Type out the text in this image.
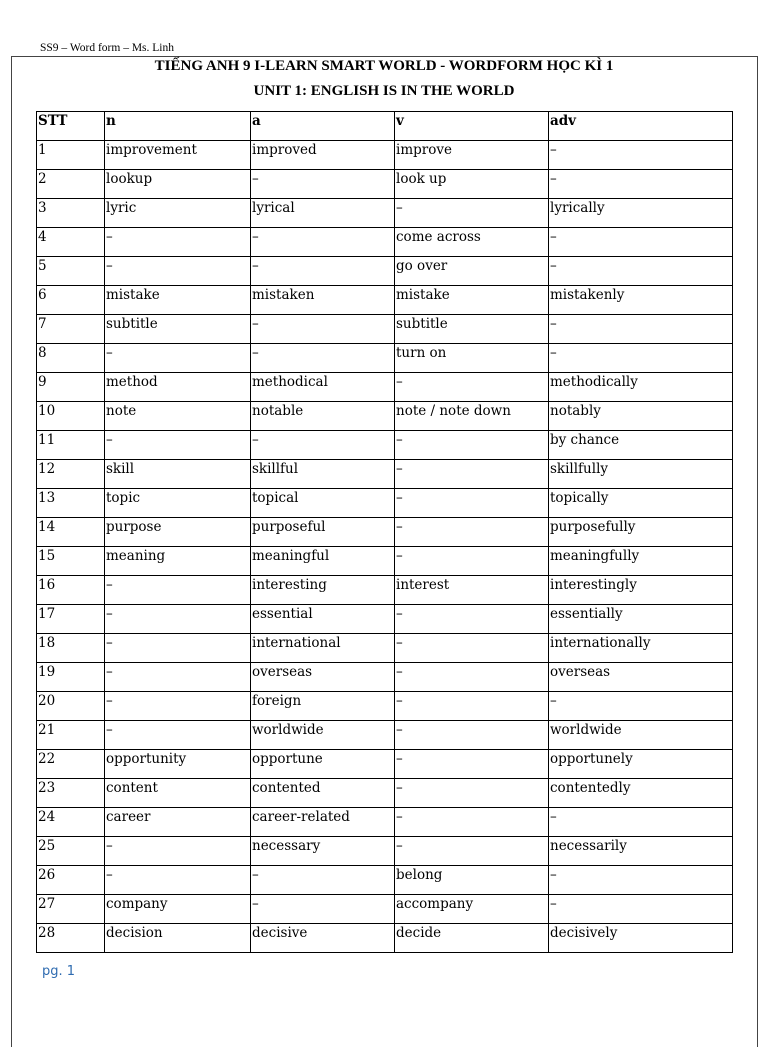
SS9 – Word form – Ms. Linh
TIẾNG ANH 9 I-LEARN SMART WORLD - WORDFORM HỌC KÌ 1
UNIT 1: ENGLISH IS IN THE WORLD
STT	n	a	v	adv
1	improvement	improved	improve	–
2	lookup	–	look up	–
3	lyric	lyrical	–	lyrically
4	–	–	come across	–
5	–	–	go over	–
6	mistake	mistaken	mistake	mistakenly
7	subtitle	–	subtitle	–
8	–	–	turn on	–
9	method	methodical	–	methodically
10	note	notable	note / note down	notably
11	–	–	–	by chance
12	skill	skillful	–	skillfully
13	topic	topical	–	topically
14	purpose	purposeful	–	purposefully
15	meaning	meaningful	–	meaningfully
16	–	interesting	interest	interestingly
17	–	essential	–	essentially
18	–	international	–	internationally
19	–	overseas	–	overseas
20	–	foreign	–	–
21	–	worldwide	–	worldwide
22	opportunity	opportune	–	opportunely
23	content	contented	–	contentedly
24	career	career-related	–	–
25	–	necessary	–	necessarily
26	–	–	belong	–
27	company	–	accompany	–
28	decision	decisive	decide	decisively
pg. 1
